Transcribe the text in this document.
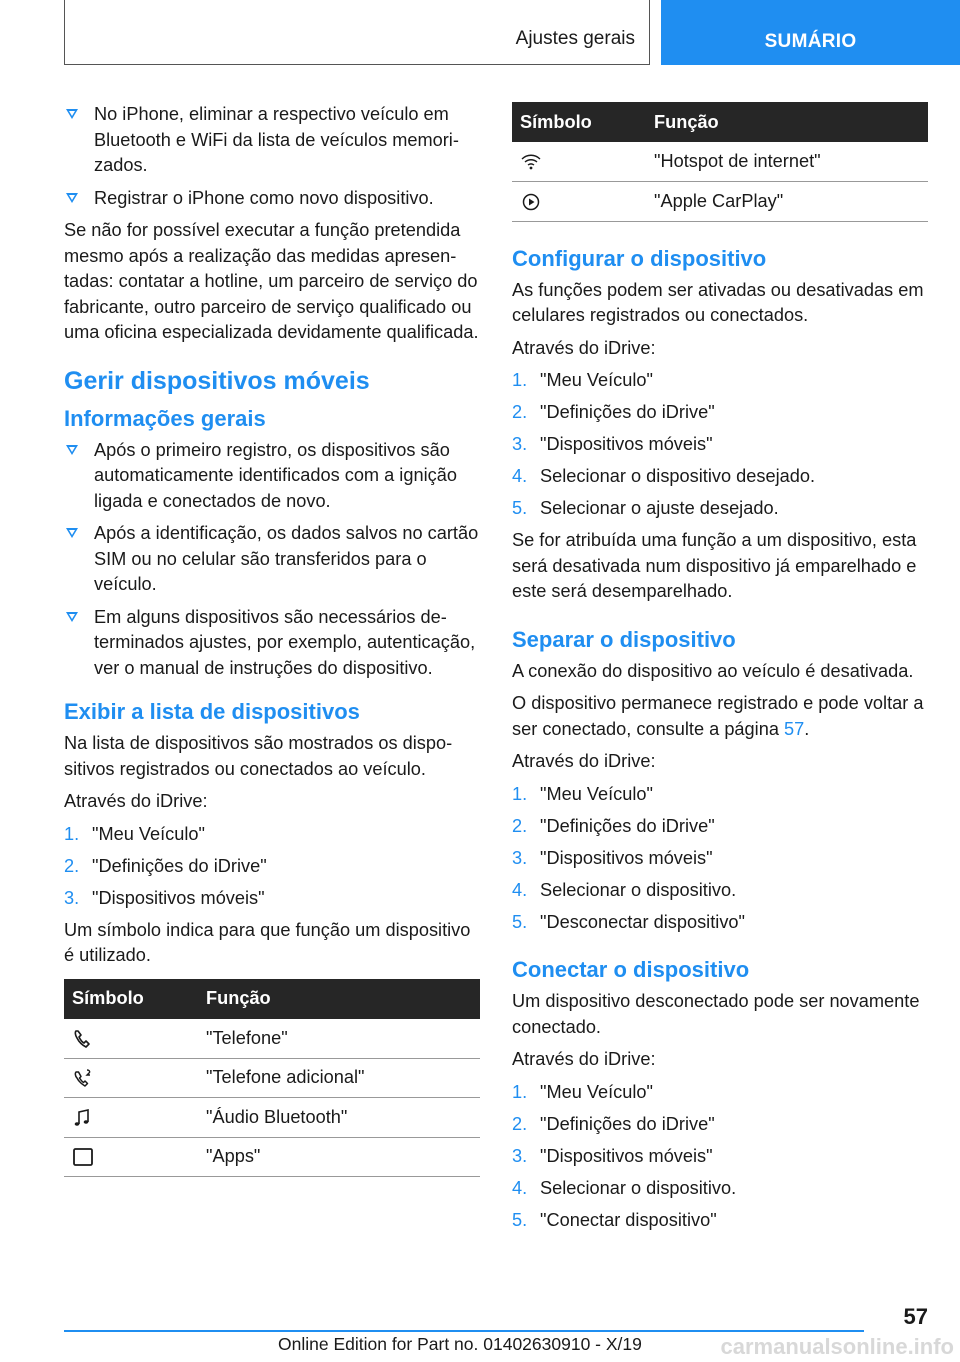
Ajustes gerais	SUMÁRIO
No iPhone, eliminar a respectivo veículo em Bluetooth e WiFi da lista de veículos memorizados.
Registrar o iPhone como novo dispositivo.

Se não for possível executar a função pretendida mesmo após a realização das medidas apresentadas: contatar a hotline, um parceiro de serviço do fabricante, outro parceiro de serviço qualificado ou uma oficina especializada devidamente qualificada.

Gerir dispositivos móveis
Informações gerais
Após o primeiro registro, os dispositivos são automaticamente identificados com a ignição ligada e conectados de novo.
Após a identificação, os dados salvos no cartão SIM ou no celular são transferidos para o veículo.
Em alguns dispositivos são necessários determinados ajustes, por exemplo, autenticação, ver o manual de instruções do dispositivo.
Exibir a lista de dispositivos

Na lista de dispositivos são mostrados os dispositivos registrados ou conectados ao veículo.

Através do iDrive:

1. "Meu Veículo"
2. "Definições do iDrive"
3. "Dispositivos móveis"

Um símbolo indica para que função um dispositivo é utilizado.

Símbolo	Função
	"Telefone"
	"Telefone adicional"
	"Áudio Bluetooth"
	"Apps"
Símbolo	Função
	"Hotspot de internet"
	"Apple CarPlay"
Configurar o dispositivo

As funções podem ser ativadas ou desativadas em celulares registrados ou conectados.

Através do iDrive:

1. "Meu Veículo"
2. "Definições do iDrive"
3. "Dispositivos móveis"
4. Selecionar o dispositivo desejado.
5. Selecionar o ajuste desejado.

Se for atribuída uma função a um dispositivo, esta será desativada num dispositivo já emparelhado e este será desemparelhado.

Separar o dispositivo

A conexão do dispositivo ao veículo é desativada.

O dispositivo permanece registrado e pode voltar a ser conectado, consulte a página 57.

Através do iDrive:

1. "Meu Veículo"
2. "Definições do iDrive"
3. "Dispositivos móveis"
4. Selecionar o dispositivo.
5. "Desconectar dispositivo"
Conectar o dispositivo

Um dispositivo desconectado pode ser novamente conectado.

Através do iDrive:

1. "Meu Veículo"
2. "Definições do iDrive"
3. "Dispositivos móveis"
4. Selecionar o dispositivo.
5. "Conectar dispositivo"
57
Online Edition for Part no. 01402630910 - X/19	carmanualsonline.info
